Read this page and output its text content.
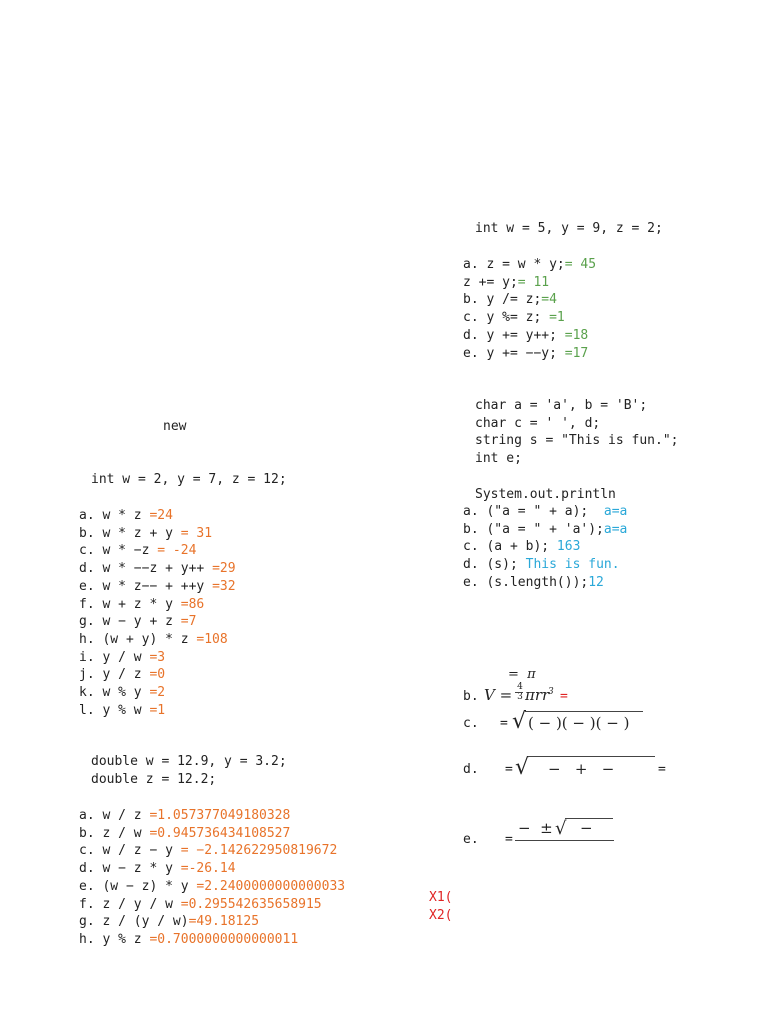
new
int w = 2, y = 7, z = 12;
a. w * z =24
b. w * z + y = 31
c. w * −z = -24
d. w * −−z + y++ =29
e. w * z−− + ++y =32
f. w + z * y =86
g. w − y + z =7
h. (w + y) * z =108
i. y / w =3
j. y / z =0
k. w % y =2
l. y % w =1
double w = 12.9, y = 3.2;
double z = 12.2;
a. w / z =1.057377049180328
b. z / w =0.945736434108527
c. w / z − y = −2.142622950819672
d. w − z * y =-26.14
e. (w − z) * y =2.2400000000000033
f. z / y / w =0.295542635658915
g. z / (y / w)=49.18125
h. y % z =0.7000000000000011
int w = 5, y = 9, z = 2;
a. z = w * y;= 45
z += y;= 11
b. y /= z;=4
c. y %= z; =1
d. y += y++; =18
e. y += −−y; =17
char a = 'a', b = 'B';
char c = ' ', d;
string s = "This is fun.";
int e;
System.out.println
a. ("a = " + a);  a=a
b. ("a = " + 'a');a=a
c. (a + b); 163
d. (s); This is fun.
e. (s.length());12
= π
b. V = 4
3 πrr
3 =
c. = √ ( − )( − )( − )
d. = √ −   +   −	=
e. =
−  ± √ −
X1(
X2(
